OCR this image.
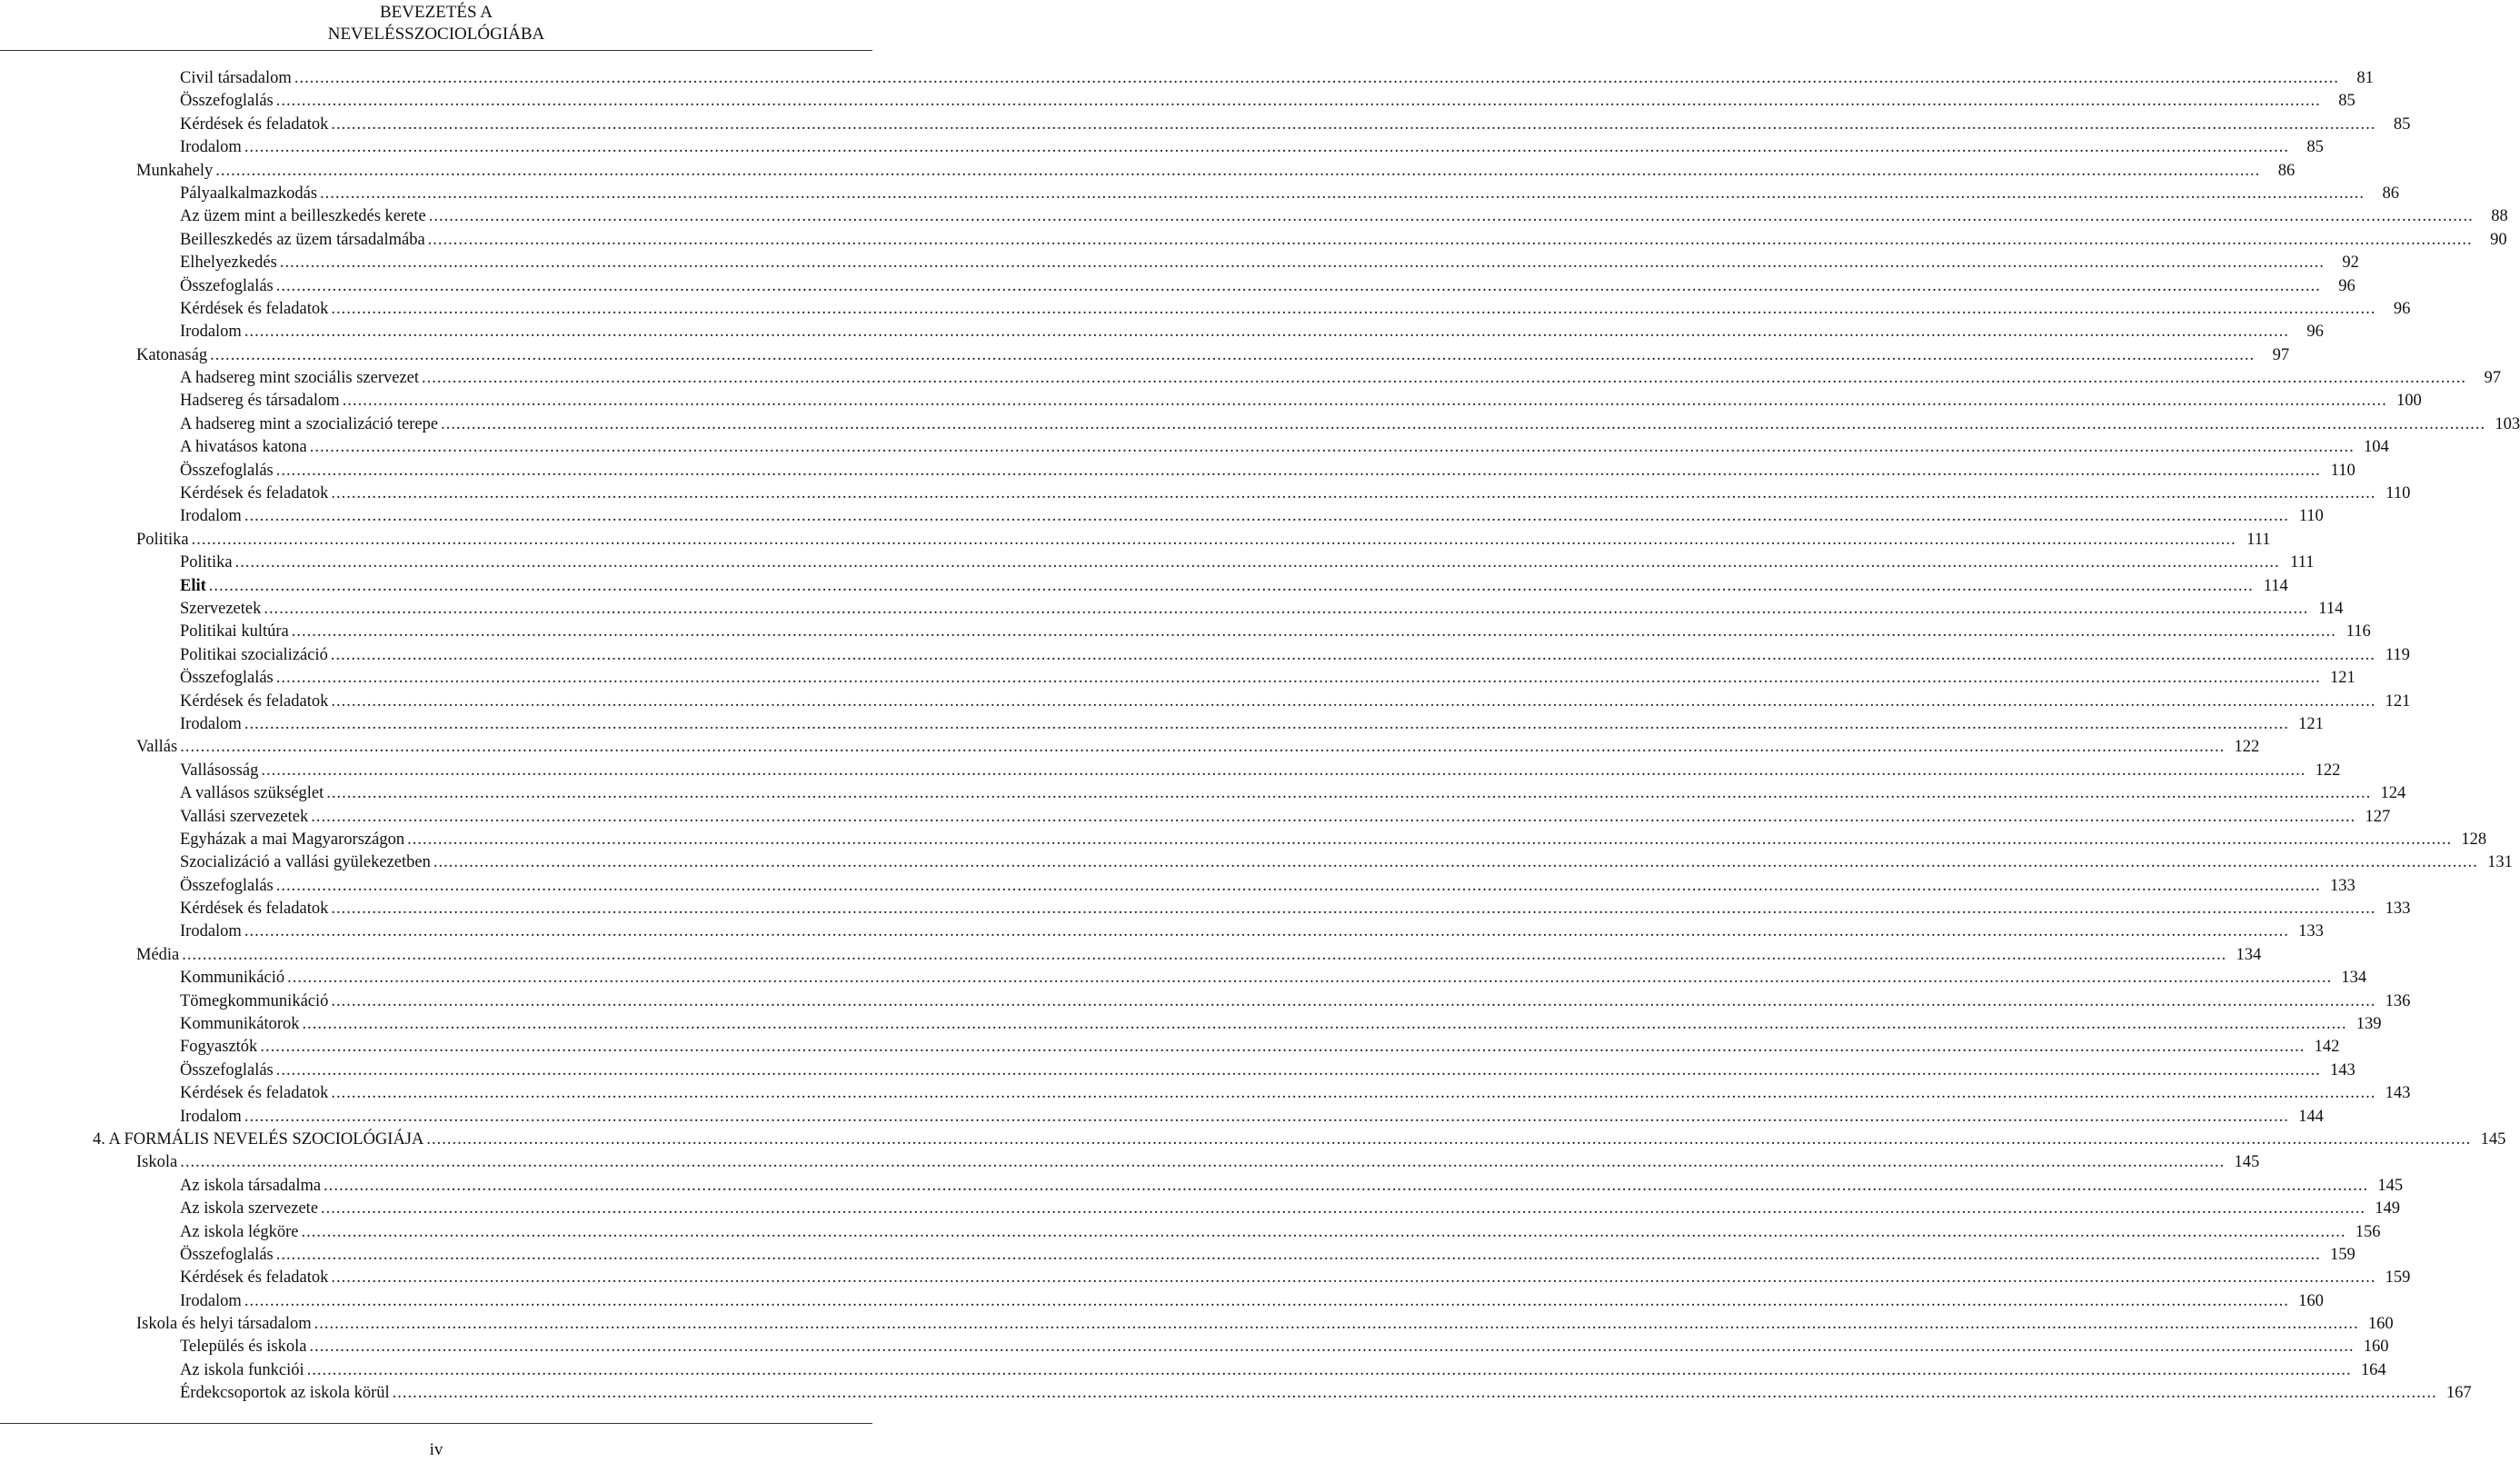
BEVEZETÉS A
NEVELÉSSZOCIOLÓGIÁBA
Civil társadalom ................................................................................................................................................................................................................................................................................................................................................................................................................	81
Összefoglalás ................................................................................................................................................................................................................................................................................................................................................................................................................	85
Kérdések és feladatok ................................................................................................................................................................................................................................................................................................................................................................................................................	85
Irodalom ................................................................................................................................................................................................................................................................................................................................................................................................................	85
Munkahely ................................................................................................................................................................................................................................................................................................................................................................................................................	86
Pályaalkalmazkodás ................................................................................................................................................................................................................................................................................................................................................................................................................	86
Az üzem mint a beilleszkedés kerete ................................................................................................................................................................................................................................................................................................................................................................................................................	88
Beilleszkedés az üzem társadalmába ................................................................................................................................................................................................................................................................................................................................................................................................................	90
Elhelyezkedés ................................................................................................................................................................................................................................................................................................................................................................................................................	92
Összefoglalás ................................................................................................................................................................................................................................................................................................................................................................................................................	96
Kérdések és feladatok ................................................................................................................................................................................................................................................................................................................................................................................................................	96
Irodalom ................................................................................................................................................................................................................................................................................................................................................................................................................	96
Katonaság ................................................................................................................................................................................................................................................................................................................................................................................................................	97
A hadsereg mint szociális szervezet ................................................................................................................................................................................................................................................................................................................................................................................................................	97
Hadsereg és társadalom ................................................................................................................................................................................................................................................................................................................................................................................................................ 100
A hadsereg mint a szocializáció terepe ................................................................................................................................................................................................................................................................................................................................................................................................................ 103
A hivatásos katona ................................................................................................................................................................................................................................................................................................................................................................................................................ 104
Összefoglalás ................................................................................................................................................................................................................................................................................................................................................................................................................ 110
Kérdések és feladatok ................................................................................................................................................................................................................................................................................................................................................................................................................ 110
Irodalom ................................................................................................................................................................................................................................................................................................................................................................................................................ 110
Politika ................................................................................................................................................................................................................................................................................................................................................................................................................ 111
Politika ................................................................................................................................................................................................................................................................................................................................................................................................................ 111
Elit ................................................................................................................................................................................................................................................................................................................................................................................................................ 114
Szervezetek ................................................................................................................................................................................................................................................................................................................................................................................................................ 114
Politikai kultúra ................................................................................................................................................................................................................................................................................................................................................................................................................ 116
Politikai szocializáció ................................................................................................................................................................................................................................................................................................................................................................................................................ 119
Összefoglalás ................................................................................................................................................................................................................................................................................................................................................................................................................ 121
Kérdések és feladatok ................................................................................................................................................................................................................................................................................................................................................................................................................ 121
Irodalom ................................................................................................................................................................................................................................................................................................................................................................................................................ 121
Vallás ................................................................................................................................................................................................................................................................................................................................................................................................................ 122
Vallásosság ................................................................................................................................................................................................................................................................................................................................................................................................................ 122
A vallásos szükséglet ................................................................................................................................................................................................................................................................................................................................................................................................................ 124
Vallási szervezetek ................................................................................................................................................................................................................................................................................................................................................................................................................ 127
Egyházak a mai Magyarországon ................................................................................................................................................................................................................................................................................................................................................................................................................ 128
Szocializáció a vallási gyülekezetben ................................................................................................................................................................................................................................................................................................................................................................................................................ 131
Összefoglalás ................................................................................................................................................................................................................................................................................................................................................................................................................ 133
Kérdések és feladatok ................................................................................................................................................................................................................................................................................................................................................................................................................ 133
Irodalom ................................................................................................................................................................................................................................................................................................................................................................................................................ 133
Média ................................................................................................................................................................................................................................................................................................................................................................................................................ 134
Kommunikáció ................................................................................................................................................................................................................................................................................................................................................................................................................ 134
Tömegkommunikáció ................................................................................................................................................................................................................................................................................................................................................................................................................ 136
Kommunikátorok ................................................................................................................................................................................................................................................................................................................................................................................................................ 139
Fogyasztók ................................................................................................................................................................................................................................................................................................................................................................................................................ 142
Összefoglalás ................................................................................................................................................................................................................................................................................................................................................................................................................ 143
Kérdések és feladatok ................................................................................................................................................................................................................................................................................................................................................................................................................ 143
Irodalom ................................................................................................................................................................................................................................................................................................................................................................................................................ 144
4. A FORMÁLIS NEVELÉS SZOCIOLÓGIÁJA ................................................................................................................................................................................................................................................................................................................................................................................................................ 145
Iskola ................................................................................................................................................................................................................................................................................................................................................................................................................ 145
Az iskola társadalma ................................................................................................................................................................................................................................................................................................................................................................................................................ 145
Az iskola szervezete ................................................................................................................................................................................................................................................................................................................................................................................................................ 149
Az iskola légköre ................................................................................................................................................................................................................................................................................................................................................................................................................ 156
Összefoglalás ................................................................................................................................................................................................................................................................................................................................................................................................................ 159
Kérdések és feladatok ................................................................................................................................................................................................................................................................................................................................................................................................................ 159
Irodalom ................................................................................................................................................................................................................................................................................................................................................................................................................ 160
Iskola és helyi társadalom ................................................................................................................................................................................................................................................................................................................................................................................................................ 160
Település és iskola ................................................................................................................................................................................................................................................................................................................................................................................................................ 160
Az iskola funkciói ................................................................................................................................................................................................................................................................................................................................................................................................................ 164
Érdekcsoportok az iskola körül ................................................................................................................................................................................................................................................................................................................................................................................................................ 167
iv
